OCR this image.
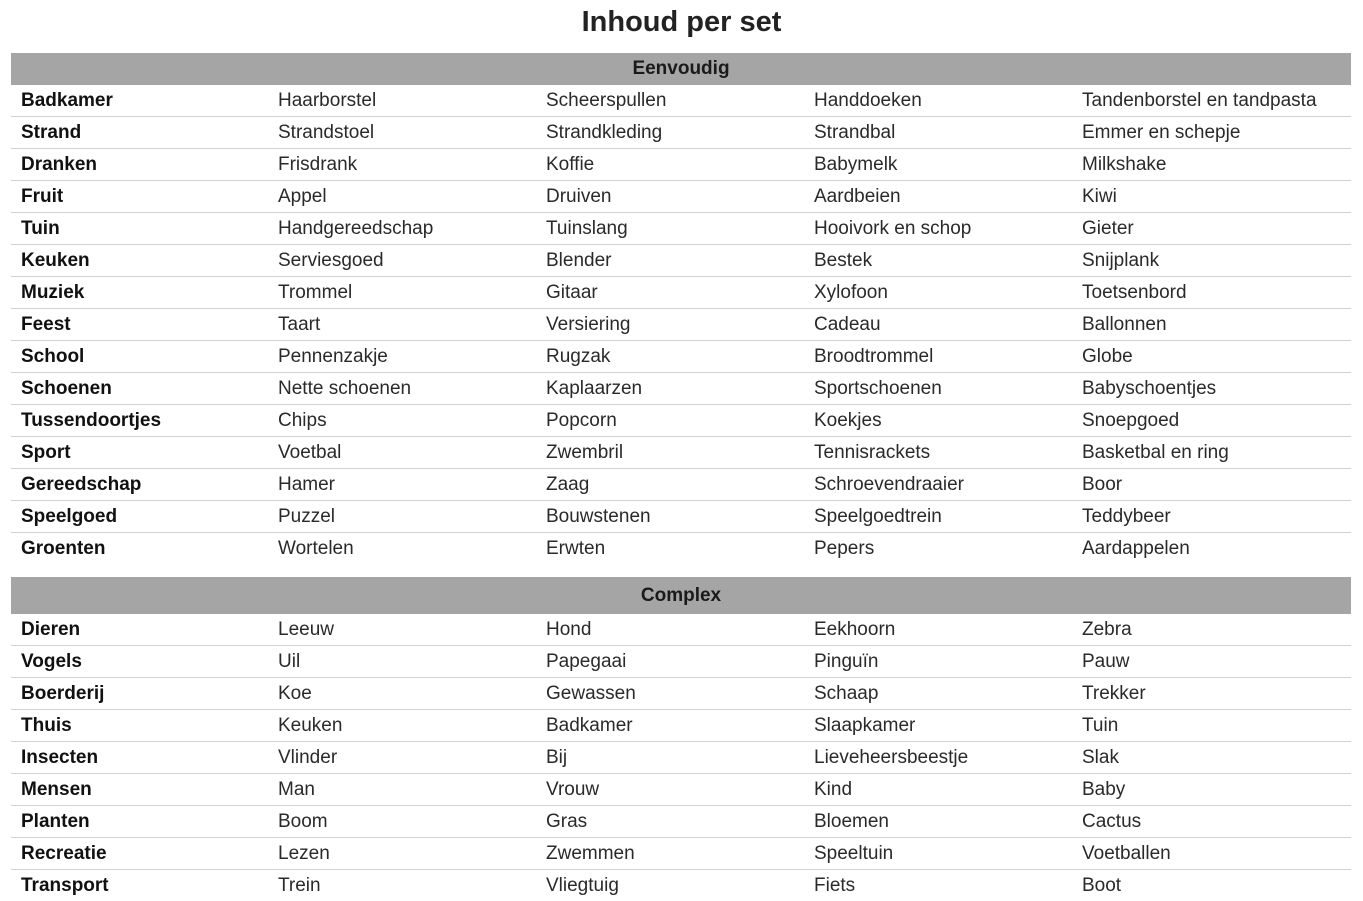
Inhoud per set
Eenvoudig				
Badkamer	Haarborstel	Scheerspullen	Handdoeken	Tandenborstel en tandpasta
Strand	Strandstoel	Strandkleding	Strandbal	Emmer en schepje
Dranken	Frisdrank	Koffie	Babymelk	Milkshake
Fruit	Appel	Druiven	Aardbeien	Kiwi
Tuin	Handgereedschap	Tuinslang	Hooivork en schop	Gieter
Keuken	Serviesgoed	Blender	Bestek	Snijplank
Muziek	Trommel	Gitaar	Xylofoon	Toetsenbord
Feest	Taart	Versiering	Cadeau	Ballonnen
School	Pennenzakje	Rugzak	Broodtrommel	Globe
Schoenen	Nette schoenen	Kaplaarzen	Sportschoenen	Babyschoentjes
Tussendoortjes	Chips	Popcorn	Koekjes	Snoepgoed
Sport	Voetbal	Zwembril	Tennisrackets	Basketbal en ring
Gereedschap	Hamer	Zaag	Schroevendraaier	Boor
Speelgoed	Puzzel	Bouwstenen	Speelgoedtrein	Teddybeer
Groenten	Wortelen	Erwten	Pepers	Aardappelen

Complex				
Dieren	Leeuw	Hond	Eekhoorn	Zebra
Vogels	Uil	Papegaai	Pinguïn	Pauw
Boerderij	Koe	Gewassen	Schaap	Trekker
Thuis	Keuken	Badkamer	Slaapkamer	Tuin
Insecten	Vlinder	Bij	Lieveheersbeestje	Slak
Mensen	Man	Vrouw	Kind	Baby
Planten	Boom	Gras	Bloemen	Cactus
Recreatie	Lezen	Zwemmen	Speeltuin	Voetballen
Transport	Trein	Vliegtuig	Fiets	Boot
